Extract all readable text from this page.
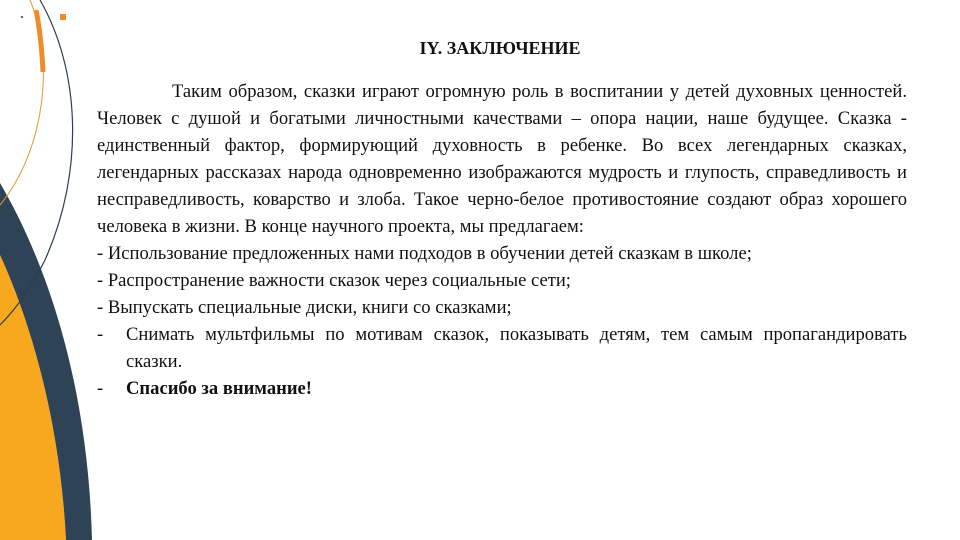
IY. ЗАКЛЮЧЕНИЕ

Таким образом, сказки играют огромную роль в воспитании у детей духовных ценностей. Человек с душой и богатыми личностными качествами – опора нации, наше будущее. Сказка - единственный фактор, формирующий духовность в ребенке. Во всех легендарных сказках, легендарных рассказах народа одновременно изображаются мудрость и глупость, справедливость и несправедливость, коварство и злоба. Такое черно-белое противостояние создают образ хорошего человека в жизни. В конце научного проекта, мы предлагаем:

- Использование предложенных нами подходов в обучении детей сказкам в школе;

- Распространение важности сказок через социальные сети;

- Выпускать специальные диски, книги со сказками;

-	Снимать мультфильмы по мотивам сказок, показывать детям, тем самым пропагандировать сказки.
-	Спасибо за внимание!
